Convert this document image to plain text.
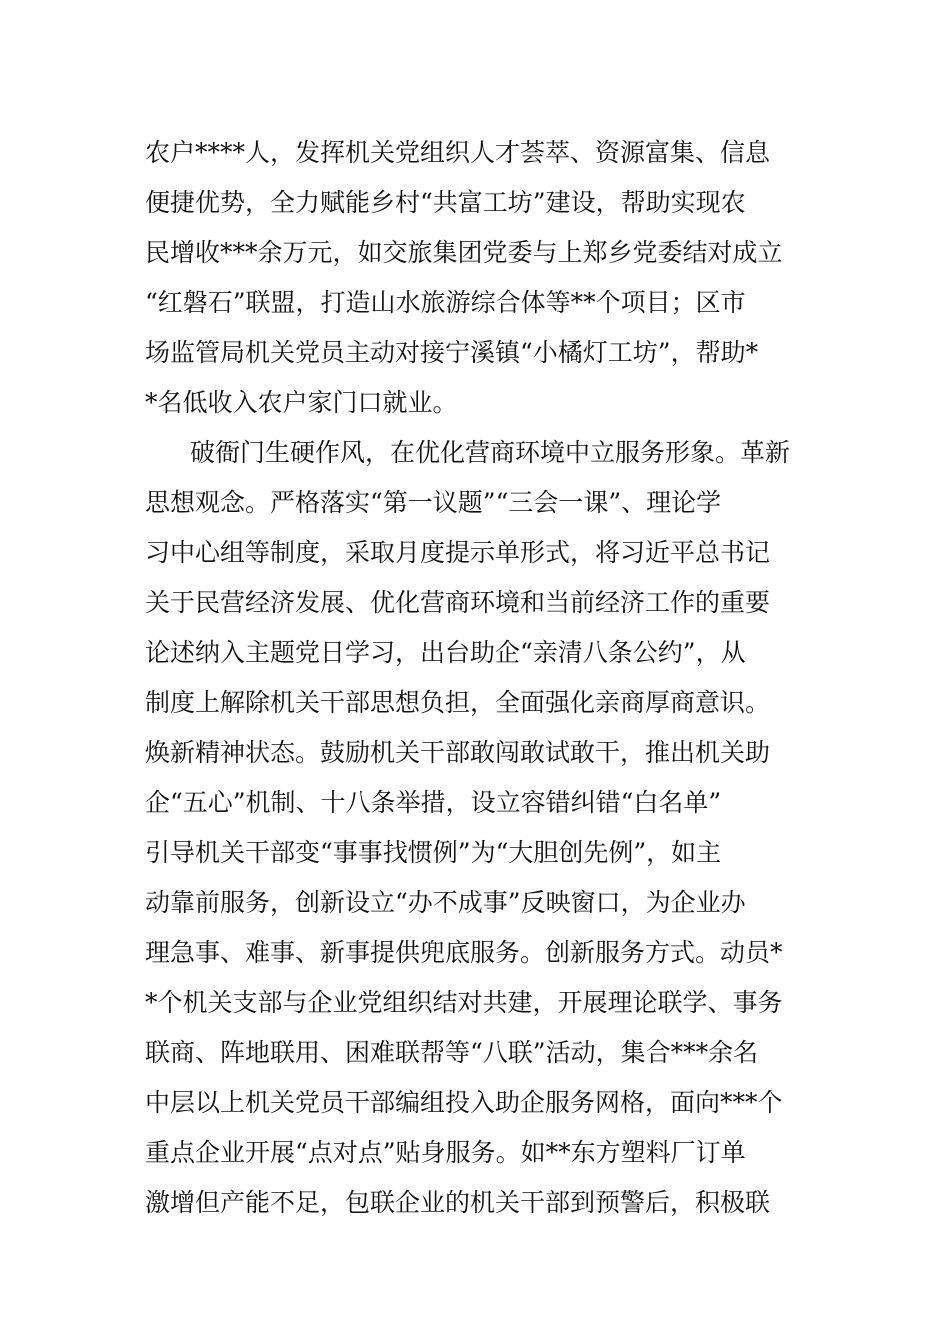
农户****人，发挥机关党组织人才荟萃、资源富集、信息
便捷优势，全力赋能乡村“共富工坊”建设，帮助实现农
民增收***余万元，如交旅集团党委与上郑乡党委结对成立
“红磐石”联盟，打造山水旅游综合体等**个项目；区市
场监管局机关党员主动对接宁溪镇“小橘灯工坊”，帮助*
*名低收入农户家门口就业。
破衙门生硬作风，在优化营商环境中立服务形象。革新
思想观念。严格落实“第一议题”“三会一课”、理论学
习中心组等制度，采取月度提示单形式，将习近平总书记
关于民营经济发展、优化营商环境和当前经济工作的重要
论述纳入主题党日学习，出台助企“亲清八条公约”，从
制度上解除机关干部思想负担，全面强化亲商厚商意识。
焕新精神状态。鼓励机关干部敢闯敢试敢干，推出机关助
企“五心”机制、十八条举措，设立容错纠错“白名单”
引导机关干部变“事事找惯例”为“大胆创先例”，如主
动靠前服务，创新设立“办不成事”反映窗口，为企业办
理急事、难事、新事提供兜底服务。创新服务方式。动员*
*个机关支部与企业党组织结对共建，开展理论联学、事务
联商、阵地联用、困难联帮等“八联”活动，集合***余名
中层以上机关党员干部编组投入助企服务网格，面向***个
重点企业开展“点对点”贴身服务。如**东方塑料厂订单
激增但产能不足，包联企业的机关干部到预警后，积极联
